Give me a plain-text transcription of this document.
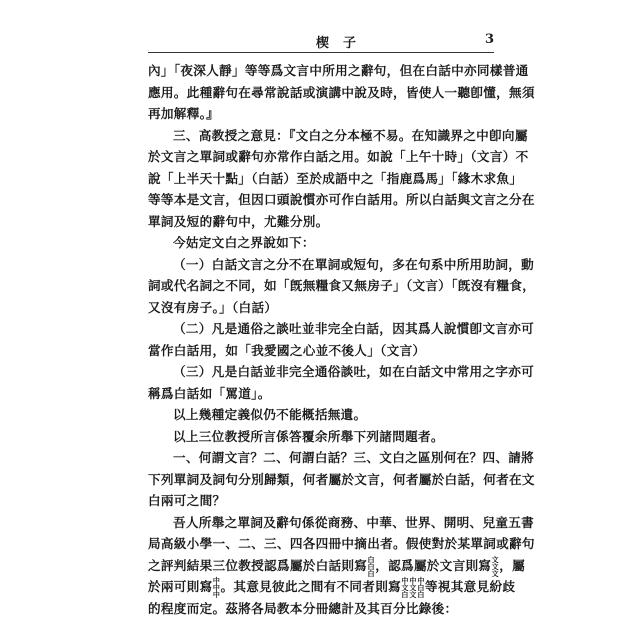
楔子	3
內」「夜深人靜」等等爲文言中所用之辭句，但在白話中亦同樣普通
應用。此種辭句在尋常說話或演講中說及時，皆使人一聽卽懂，無須
再加解釋。』
三、高教授之意見：『文白之分本極不易。在知識界之中卽向屬
於文言之單詞或辭句亦常作白話之用。如說「上午十時」（文言）不
說「上半天十點」（白話）至於成語中之「指鹿爲馬」「緣木求魚」
等等本是文言，但因口頭說慣亦可作白話用。所以白話與文言之分在
單詞及短的辭句中，尤難分別。
今姑定文白之界說如下：
（一）白話文言之分不在單詞或短句，多在句系中所用助詞，動
詞或代名詞之不同，如「旣無糧食又無房子」（文言）「旣沒有糧食，
又沒有房子。」（白話）
（二）凡是通俗之談吐並非完全白話，因其爲人說慣卽文言亦可
當作白話用，如「我愛國之心並不後人」（文言）
（三）凡是白話並非完全通俗談吐，如在白話文中常用之字亦可
稱爲白話如「罵道」。
以上幾種定義似仍不能概括無遺。
以上三位教授所言係答覆余所舉下列諸問題者。
一、何謂文言？二、何謂白話？三、文白之區別何在？四、請將
下列單詞及詞句分別歸類，何者屬於文言，何者屬於白話，何者在文
白兩可之間？
吾人所舉之單詞及辭句係從商務、中華、世界、開明、兒童五書
局高級小學一、二、三、四各四冊中摘出者。假使對於某單詞或辭句
之評判結果三位教授認爲屬於白話則寫白
白
白，認爲屬於文言則寫文
文
文，屬
於兩可則寫中
中
中。其意見彼此之間有不同者則寫中
文
白中
文
文中
白
白等視其意見紛歧
的程度而定。茲將各局教本分冊總計及其百分比錄後：
